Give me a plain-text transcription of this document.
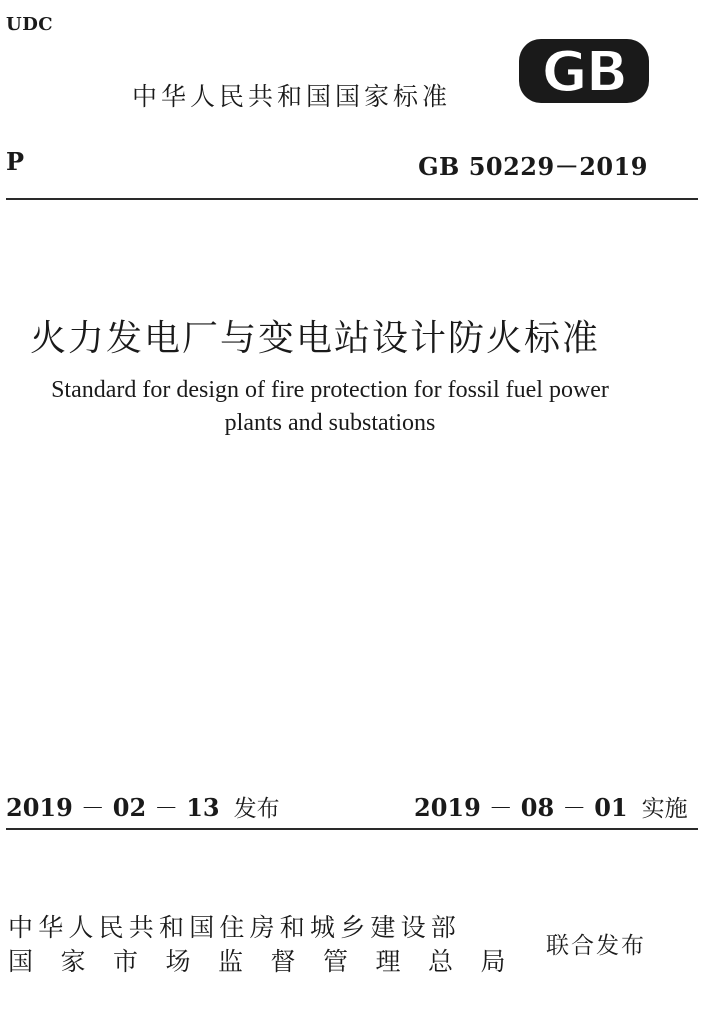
UDC
中华人民共和国国家标准 GB
P	GB 50229－2019
火力发电厂与变电站设计防火标准
Standard for design of fire protection for fossil fuel power
plants and substations
2019 － 02 － 13 发布	2019 － 08 － 01 实施
中华人民共和国住房和城乡建设部
国家市场监督管理总局
联合发布
